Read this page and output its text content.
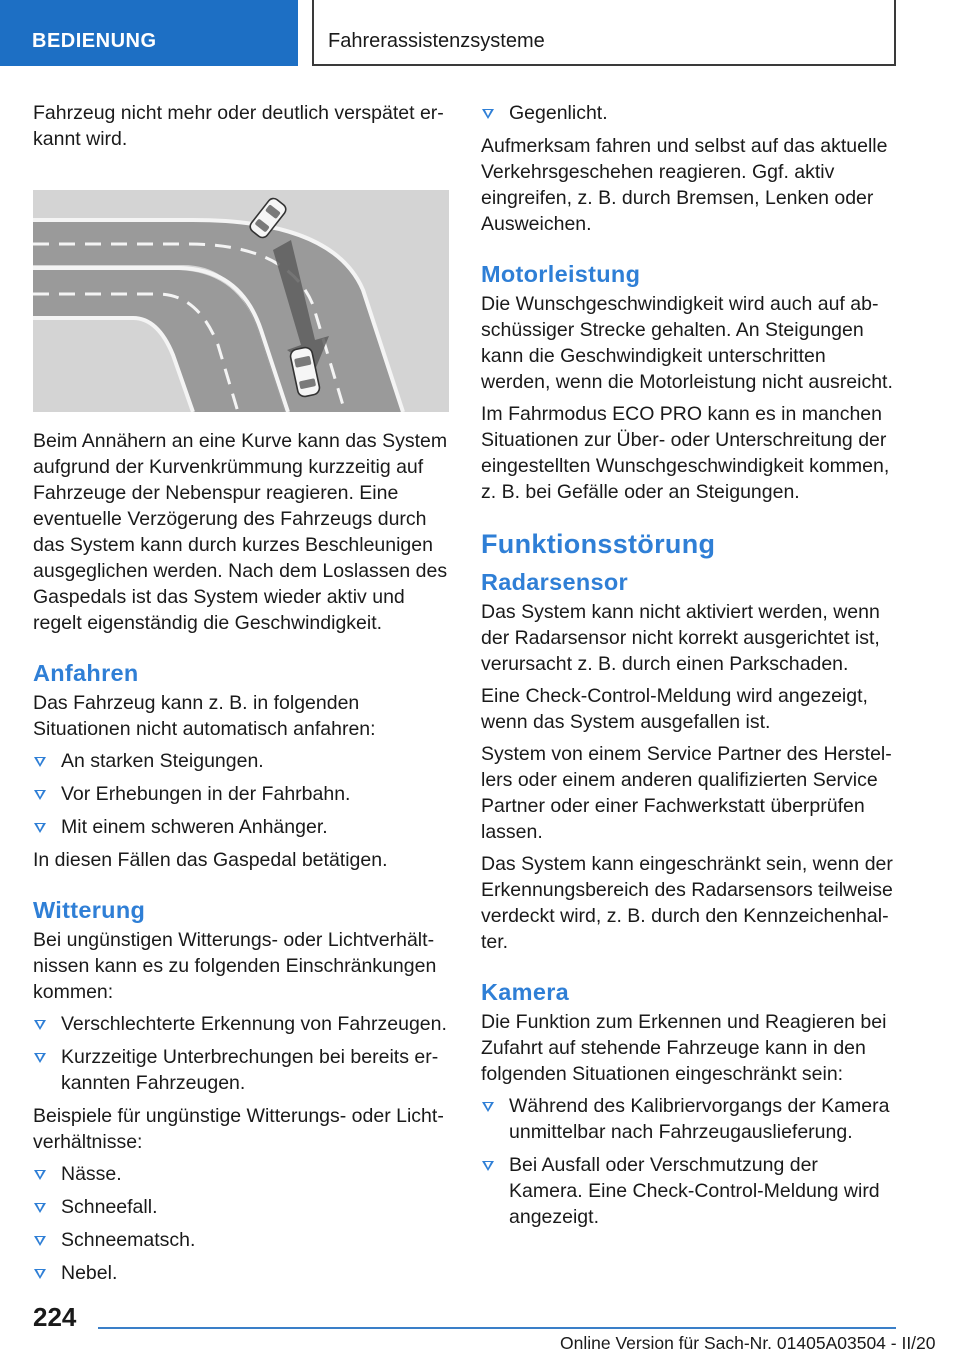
BEDIENUNG	Fahrerassistenzsysteme

Fahrzeug nicht mehr oder deutlich verspätet erkannt wird.

Beim Annähern an eine Kurve kann das System aufgrund der Kurvenkrümmung kurzzeitig auf Fahrzeuge der Nebenspur reagieren. Eine eventuelle Verzögerung des Fahrzeugs durch das System kann durch kurzes Beschleunigen ausgeglichen werden. Nach dem Loslassen des Gaspedals ist das System wieder aktiv und regelt eigenständig die Geschwindigkeit.

Anfahren

Das Fahrzeug kann z. B. in folgenden Situationen nicht automatisch anfahren:

An starken Steigungen.
Vor Erhebungen in der Fahrbahn.
Mit einem schweren Anhänger.

In diesen Fällen das Gaspedal betätigen.

Witterung

Bei ungünstigen Witterungs- oder Lichtverhältnissen kann es zu folgenden Einschränkungen kommen:

Verschlechterte Erkennung von Fahrzeugen.
Kurzzeitige Unterbrechungen bei bereits erkannten Fahrzeugen.

Beispiele für ungünstige Witterungs- oder Lichtverhältnisse:

Nässe.
Schneefall.
Schneematsch.
Nebel.
Gegenlicht.

Aufmerksam fahren und selbst auf das aktuelle Verkehrsgeschehen reagieren. Ggf. aktiv eingreifen, z. B. durch Bremsen, Lenken oder Ausweichen.

Motorleistung

Die Wunschgeschwindigkeit wird auch auf abschüssiger Strecke gehalten. An Steigungen kann die Geschwindigkeit unterschritten werden, wenn die Motorleistung nicht ausreicht.

Im Fahrmodus ECO PRO kann es in manchen Situationen zur Über- oder Unterschreitung der eingestellten Wunschgeschwindigkeit kommen, z. B. bei Gefälle oder an Steigungen.

Funktionsstörung
Radarsensor

Das System kann nicht aktiviert werden, wenn der Radarsensor nicht korrekt ausgerichtet ist, verursacht z. B. durch einen Parkschaden.

Eine Check-Control-Meldung wird angezeigt, wenn das System ausgefallen ist.

System von einem Service Partner des Herstellers oder einem anderen qualifizierten Service Partner oder einer Fachwerkstatt überprüfen lassen.

Das System kann eingeschränkt sein, wenn der Erkennungsbereich des Radarsensors teilweise verdeckt wird, z. B. durch den Kennzeichenhalter.

Kamera

Die Funktion zum Erkennen und Reagieren bei Zufahrt auf stehende Fahrzeuge kann in den folgenden Situationen eingeschränkt sein:

Während des Kalibriervorgangs der Kamera unmittelbar nach Fahrzeugauslieferung.
Bei Ausfall oder Verschmutzung der Kamera. Eine Check-Control-Meldung wird angezeigt.
224
Online Version für Sach-Nr. 01405A03504 - II/20
